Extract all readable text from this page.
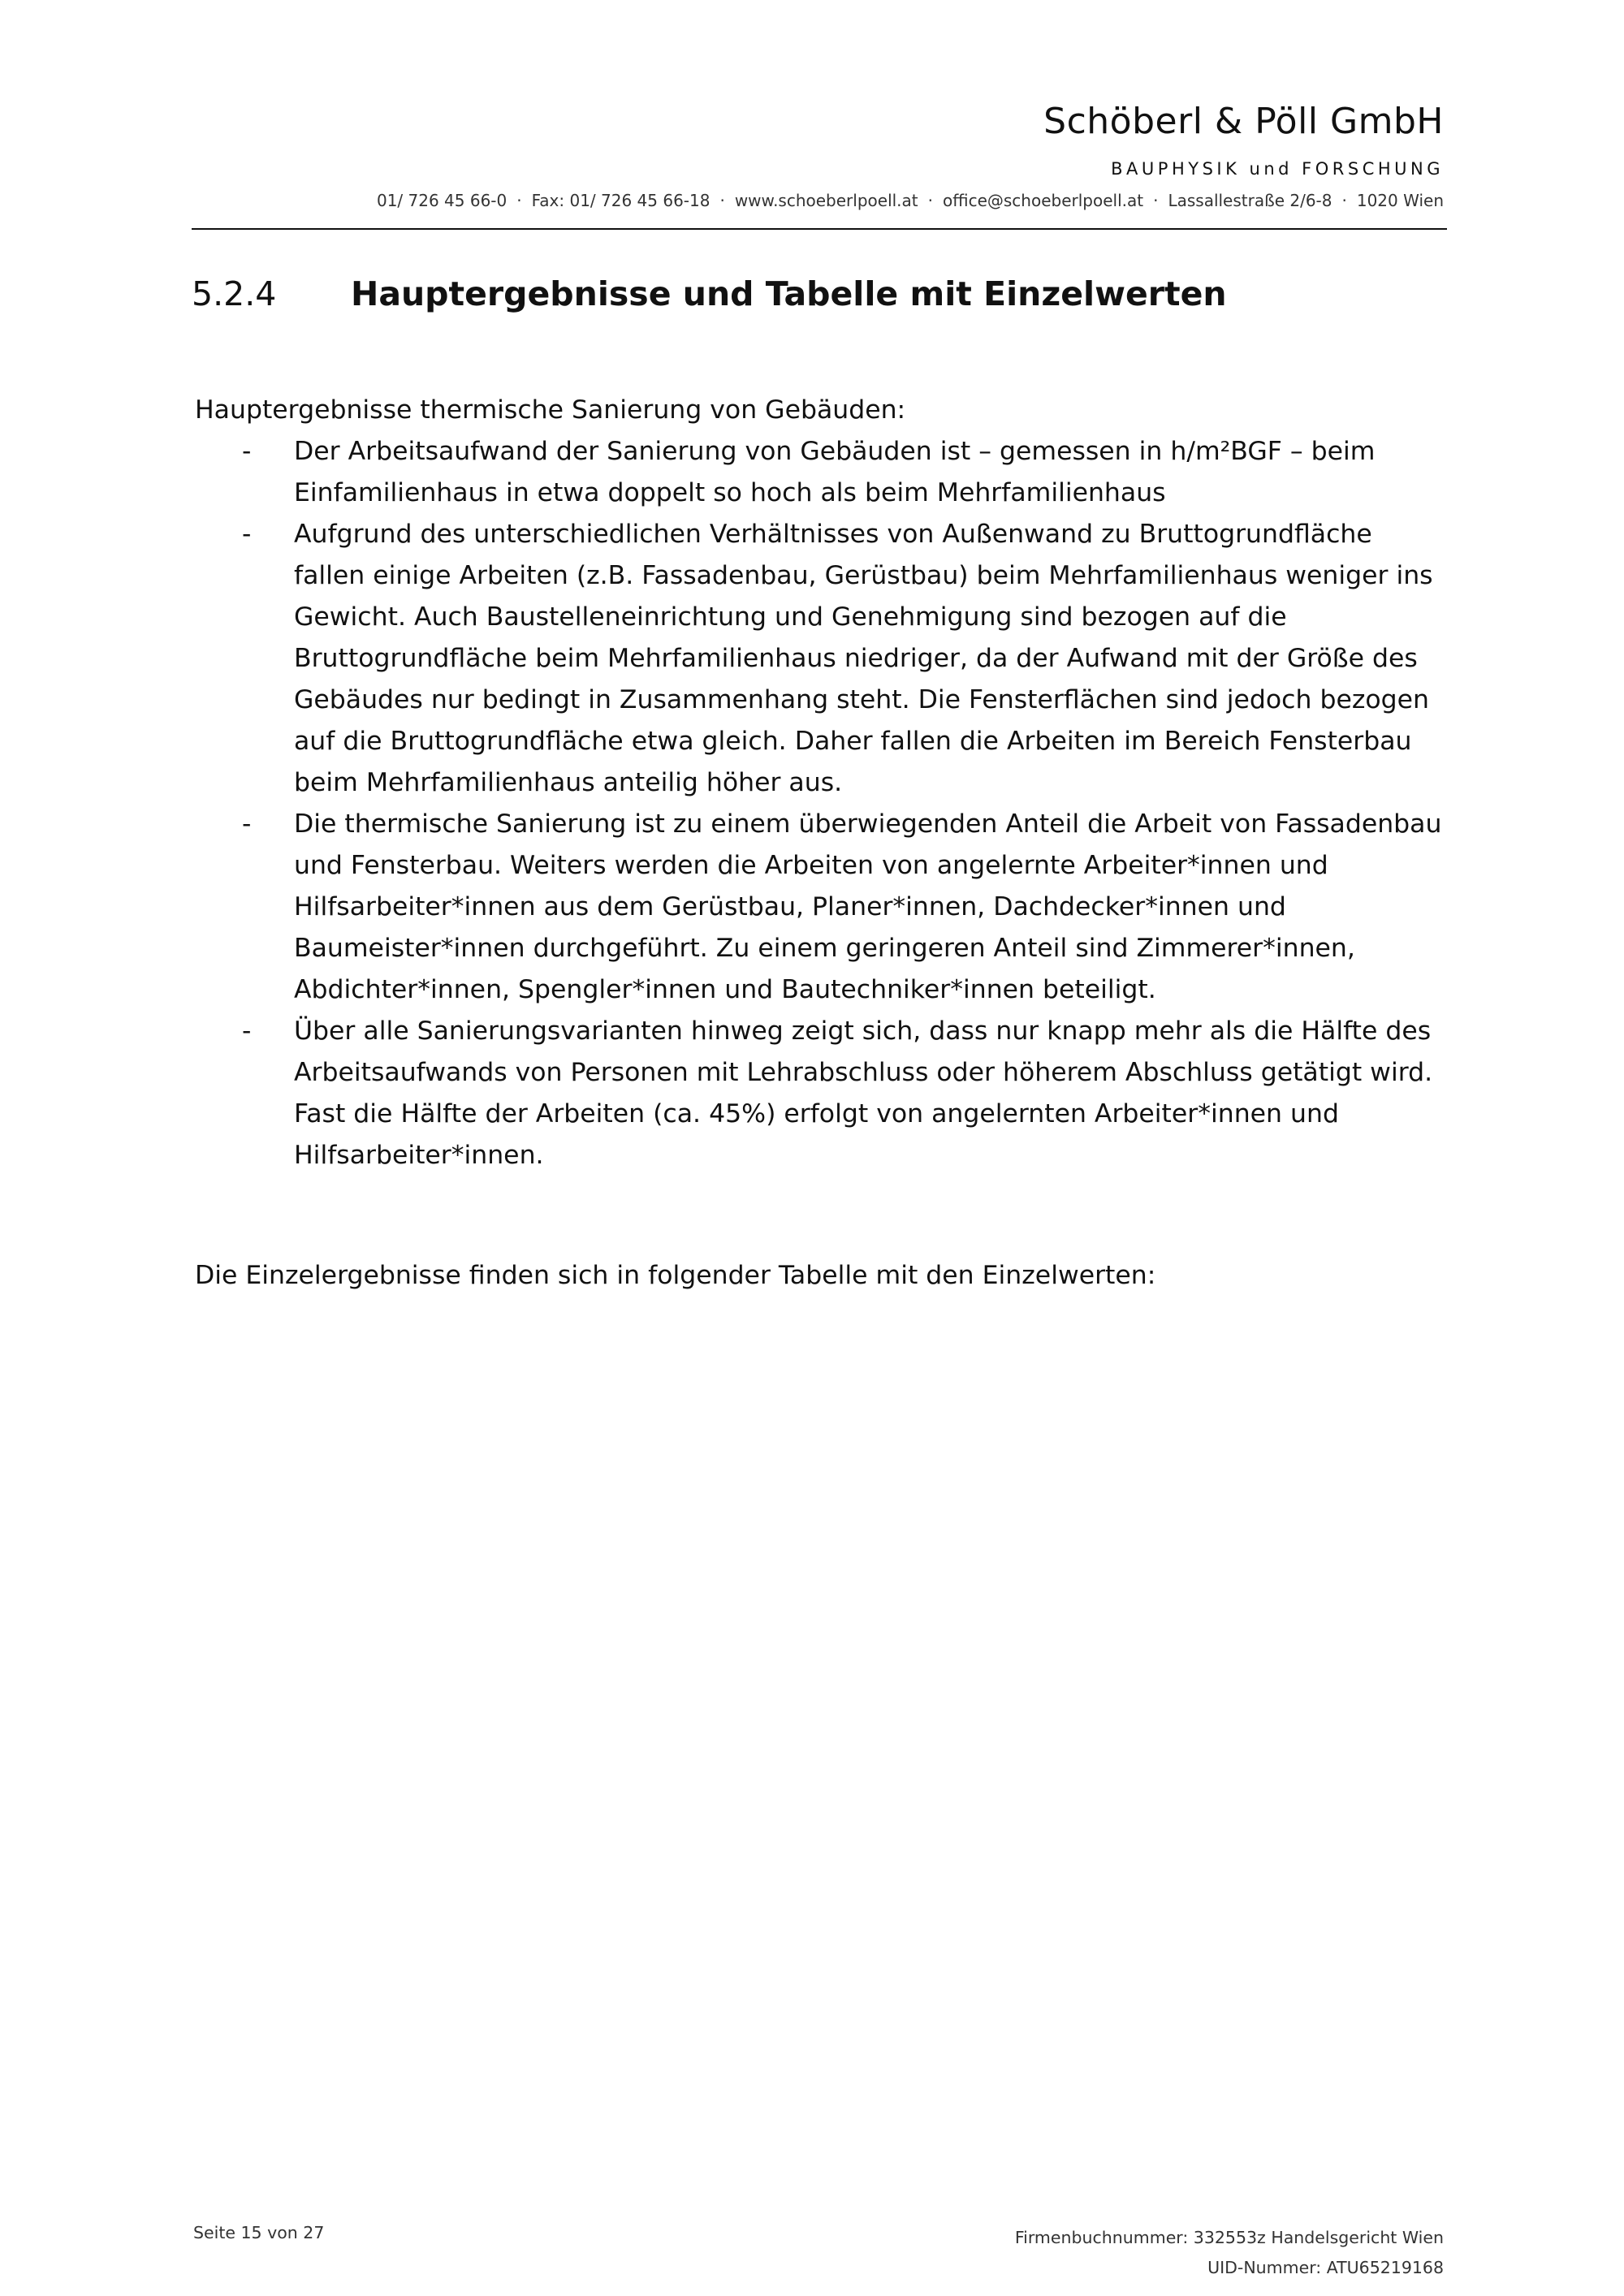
Schöberl & Pöll GmbH
BAUPHYSIK und FORSCHUNG
01/ 726 45 66-0 · Fax: 01/ 726 45 66-18 · www.schoeberlpoell.at · office@schoeberlpoell.at · Lassallestraße 2/6-8 · 1020 Wien
5.2.4 Hauptergebnisse und Tabelle mit Einzelwerten

Hauptergebnisse thermische Sanierung von Gebäuden:

- Der Arbeitsaufwand der Sanierung von Gebäuden ist – gemessen in h/m²BGF – beim Einfamilienhaus in etwa doppelt so hoch als beim Mehrfamilienhaus
- Aufgrund des unterschiedlichen Verhältnisses von Außenwand zu Bruttogrundfläche fallen einige Arbeiten (z.B. Fassadenbau, Gerüstbau) beim Mehrfamilienhaus weniger ins Gewicht. Auch Baustelleneinrichtung und Genehmigung sind bezogen auf die Bruttogrundfläche beim Mehrfamilienhaus niedriger, da der Aufwand mit der Größe des Gebäudes nur bedingt in Zusammenhang steht. Die Fensterflächen sind jedoch bezogen auf die Bruttogrundfläche etwa gleich. Daher fallen die Arbeiten im Bereich Fensterbau beim Mehrfamilienhaus anteilig höher aus.
- Die thermische Sanierung ist zu einem überwiegenden Anteil die Arbeit von Fassadenbau und Fensterbau. Weiters werden die Arbeiten von angelernte Arbeiter*innen und Hilfsarbeiter*innen aus dem Gerüstbau, Planer*innen, Dachdecker*innen und Baumeister*innen durchgeführt. Zu einem geringeren Anteil sind Zimmerer*innen, Abdichter*innen, Spengler*innen und Bautechniker*innen beteiligt.
- Über alle Sanierungsvarianten hinweg zeigt sich, dass nur knapp mehr als die Hälfte des Arbeitsaufwands von Personen mit Lehrabschluss oder höherem Abschluss getätigt wird. Fast die Hälfte der Arbeiten (ca. 45%) erfolgt von angelernten Arbeiter*innen und Hilfsarbeiter*innen.

Die Einzelergebnisse finden sich in folgender Tabelle mit den Einzelwerten:

Seite 15 von 27	Firmenbuchnummer: 332553z Handelsgericht Wien
UID-Nummer: ATU65219168
